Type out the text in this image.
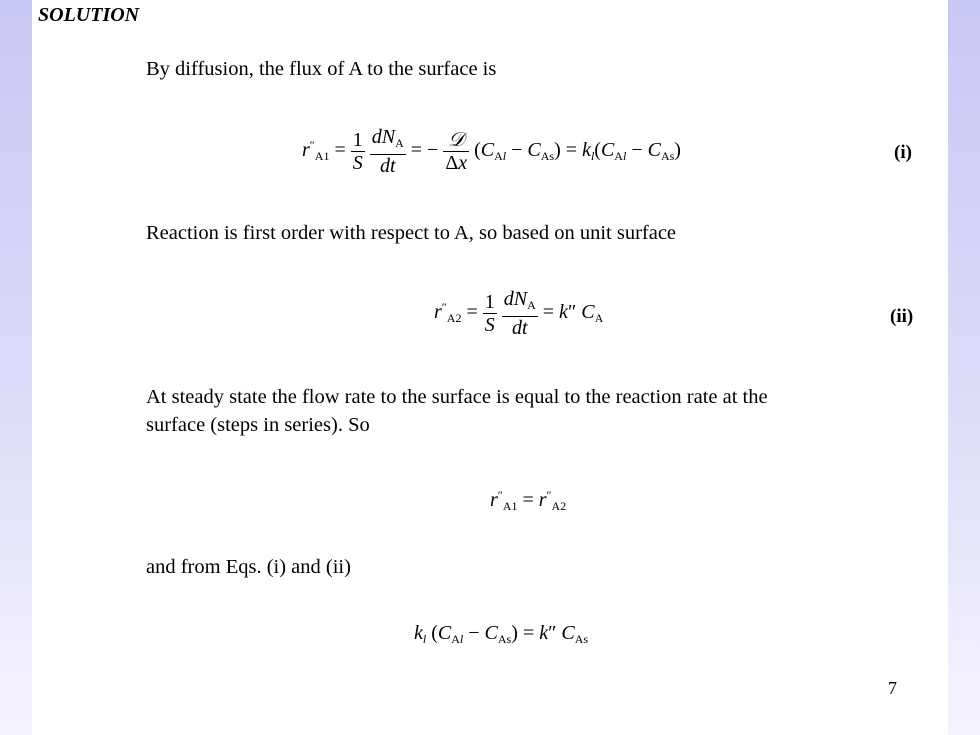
SOLUTION
By diffusion, the flux of A to the surface is
$r''_{A1} = \frac{1}{S}$
$\frac{dN_A}{dt}$ = − $\frac{\text{𝒟}}{\Delta x} (C_{Al} - C_{As}) = k_l(C_{Al} - C_{As})$	(i)
Reaction is first order with respect to A, so based on unit surface
$r''_{A2} = \frac{1}{S}$
$\frac{dN_A}{dt} = k''$ $C_A$	(ii)
At steady state the flow rate to the surface is equal to the reaction rate at the
surface (steps in series). So
$r''_{A1} = r''_{A2}$
and from Eqs. (i) and (ii)
$k_l$ $(C_{Al} - C_{As}) = k''$ $C_{As}$
7
